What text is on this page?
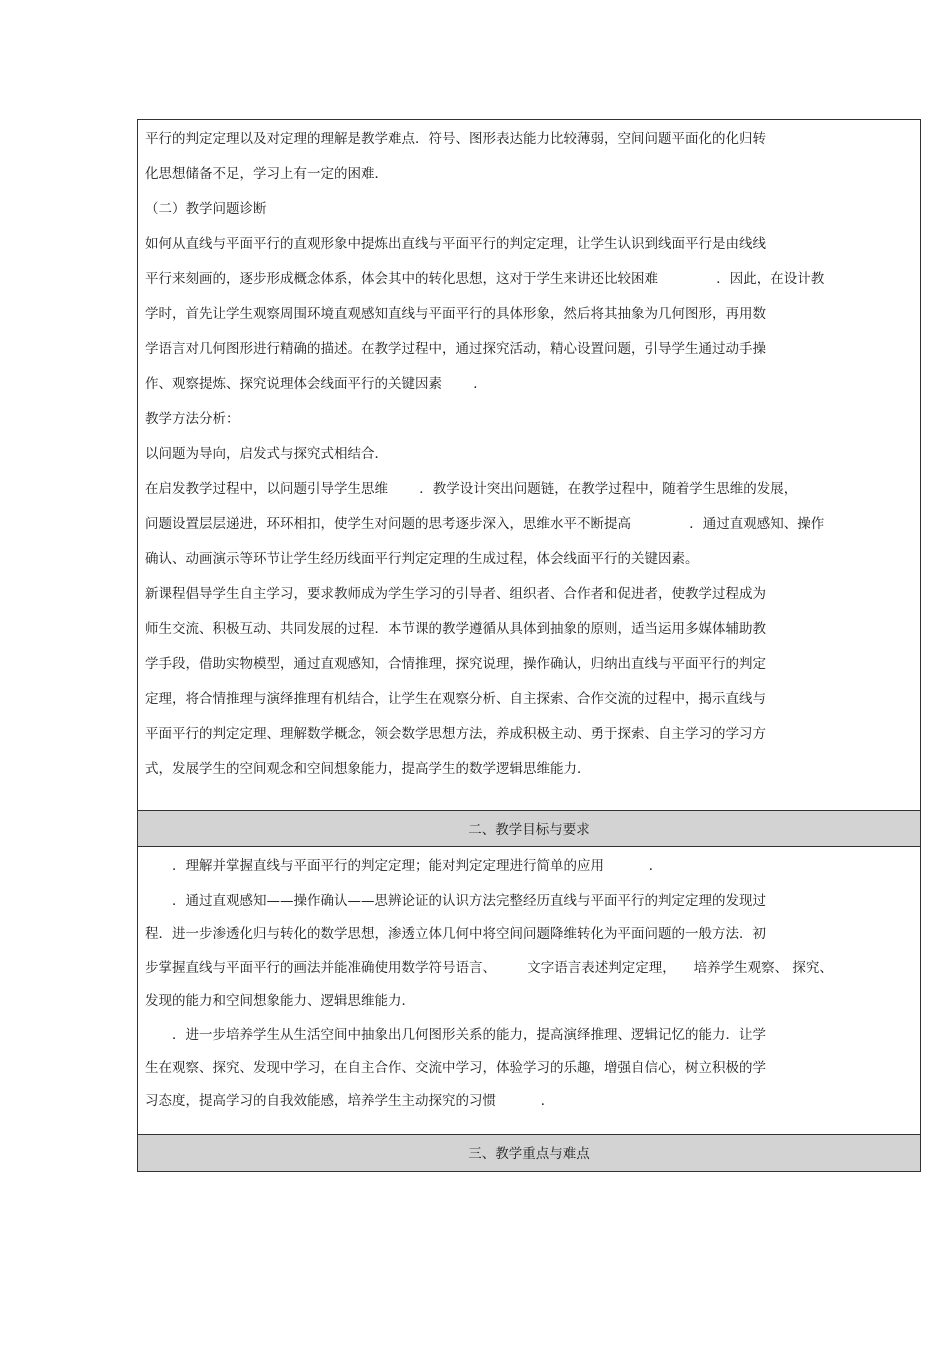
平行的判定定理以及对定理的理解是教学难点．符号、图形表达能力比较薄弱，空间问题平面化的化归转
化思想储备不足，学习上有一定的困难．
（二）教学问题诊断
如何从直线与平面平行的直观形象中提炼出直线与平面平行的判定定理，让学生认识到线面平行是由线线
平行来刻画的，逐步形成概念体系，体会其中的转化思想，这对于学生来讲还比较困难 　　　　．因此，在设计教
学时，首先让学生观察周围环境直观感知直线与平面平行的具体形象，然后将其抽象为几何图形，再用数
学语言对几何图形进行精确的描述。在教学过程中，通过探究活动，精心设置问题，引导学生通过动手操
作、观察提炼、探究说理体会线面平行的关键因素 　　．
教学方法分析：
以问题为导向，启发式与探究式相结合．
在启发教学过程中，以问题引导学生思维 　　．教学设计突出问题链，在教学过程中，随着学生思维的发展，
问题设置层层递进，环环相扣，使学生对问题的思考逐步深入，思维水平不断提高 　　　　．通过直观感知、操作
确认、动画演示等环节让学生经历线面平行判定定理的生成过程，体会线面平行的关键因素。
新课程倡导学生自主学习，要求教师成为学生学习的引导者、组织者、合作者和促进者，使教学过程成为
师生交流、积极互动、共同发展的过程．本节课的教学遵循从具体到抽象的原则，适当运用多媒体辅助教
学手段，借助实物模型，通过直观感知，合情推理，探究说理，操作确认，归纳出直线与平面平行的判定
定理，将合情推理与演绎推理有机结合，让学生在观察分析、自主探索、合作交流的过程中，揭示直线与
平面平行的判定定理、理解数学概念，领会数学思想方法，养成积极主动、勇于探索、自主学习的学习方
式，发展学生的空间观念和空间想象能力，提高学生的数学逻辑思维能力．
二、教学目标与要求
　　．理解并掌握直线与平面平行的判定定理；能对判定定理进行简单的应用 　　　．
　　．通过直观感知——操作确认——思辨论证的认识方法完整经历直线与平面平行的判定定理的发现过
程．进一步渗透化归与转化的数学思想，渗透立体几何中将空间问题降维转化为平面问题的一般方法．初
步掌握直线与平面平行的画法并能准确使用数学符号语言、 　　文字语言表述判定定理， 　培养学生观察、 探究、
发现的能力和空间想象能力、逻辑思维能力．
　　．进一步培养学生从生活空间中抽象出几何图形关系的能力，提高演绎推理、逻辑记忆的能力．让学
生在观察、探究、发现中学习，在自主合作、交流中学习，体验学习的乐趣，增强自信心，树立积极的学
习态度，提高学习的自我效能感，培养学生主动探究的习惯 　　　．
三、教学重点与难点
